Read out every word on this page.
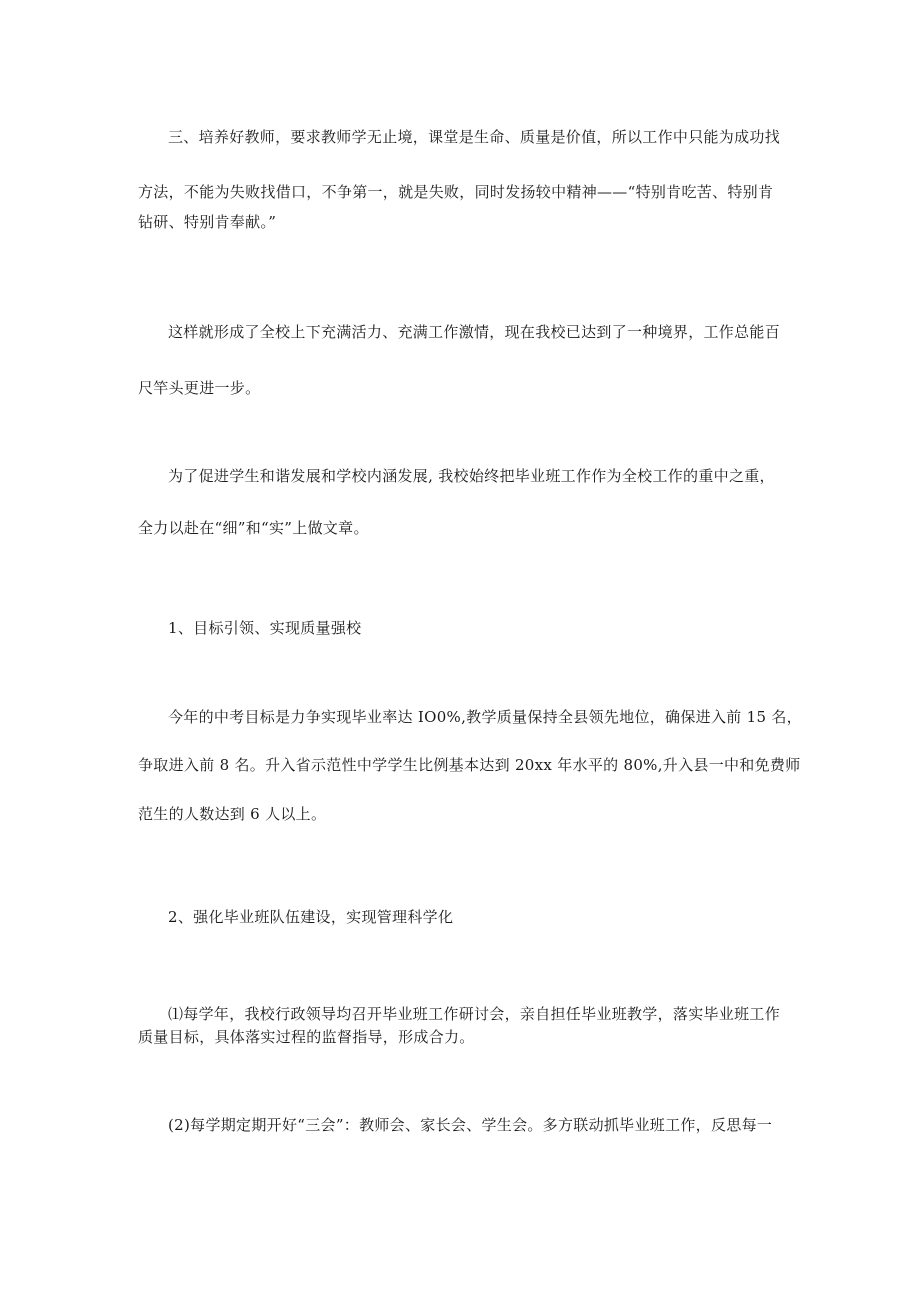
三、培养好教师，要求教师学无止境，课堂是生命、质量是价值，所以工作中只能为成功找

方法，不能为失败找借口，不争第一，就是失败，同时发扬较中精神——“特别肯吃苦、特别肯

钻研、特别肯奉献。”

这样就形成了全校上下充满活力、充满工作激情，现在我校已达到了一种境界，工作总能百

尺竿头更进一步。

为了促进学生和谐发展和学校内涵发展, 我校始终把毕业班工作作为全校工作的重中之重，

全力以赴在“细”和“实”上做文章。

1、目标引领、实现质量强校

今年的中考目标是力争实现毕业率达 IO0%,教学质量保持全县领先地位，确保进入前 15 名，

争取进入前 8 名。升入省示范性中学学生比例基本达到 20xx 年水平的 80%,升入县一中和免费师

范生的人数达到 6 人以上。

2、强化毕业班队伍建设，实现管理科学化

⑴每学年，我校行政领导均召开毕业班工作研讨会，亲自担任毕业班教学，落实毕业班工作

质量目标，具体落实过程的监督指导，形成合力。

(2)每学期定期开好“三会”：教师会、家长会、学生会。多方联动抓毕业班工作，反思每一
